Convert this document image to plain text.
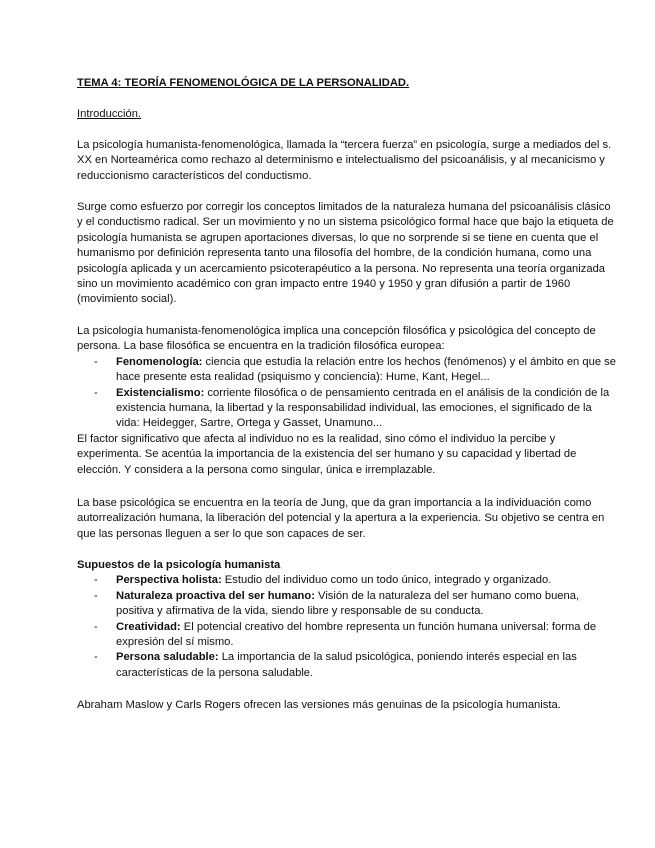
TEMA 4: TEORÍA FENOMENOLÓGICA DE LA PERSONALIDAD.
Introducción.

La psicología humanista-fenomenológica, llamada la “tercera fuerza” en psicología, surge a mediados del s. XX en Norteamérica como rechazo al determinismo e intelectualismo del psicoanálisis, y al mecanicismo y reduccionismo característicos del conductismo.

Surge como esfuerzo por corregir los conceptos limitados de la naturaleza humana del psicoanálisis clásico y el conductismo radical. Ser un movimiento y no un sistema psicológico formal hace que bajo la etiqueta de psicología humanista se agrupen aportaciones diversas, lo que no sorprende si se tiene en cuenta que el humanismo por definición representa tanto una filosofía del hombre, de la condición humana, como una psicología aplicada y un acercamiento psicoterapéutico a la persona. No representa una teoría organizada sino un movimiento académico con gran impacto entre 1940 y 1950 y gran difusión a partir de 1960 (movimiento social).

La psicología humanista-fenomenológica implica una concepción filosófica y psicológica del concepto de persona. La base filosófica se encuentra en la tradición filosófica europea:

- Fenomenología: ciencia que estudia la relación entre los hechos (fenómenos) y el ámbito en que se hace presente esta realidad (psiquismo y conciencia): Hume, Kant, Hegel...
- Existencialismo: corriente filosófica o de pensamiento centrada en el análisis de la condición de la existencia humana, la libertad y la responsabilidad individual, las emociones, el significado de la vida: Heidegger, Sartre, Ortega y Gasset, Unamuno...

El factor significativo que afecta al individuo no es la realidad, sino cómo el individuo la percibe y experimenta. Se acentúa la importancia de la existencia del ser humano y su capacidad y libertad de elección. Y considera a la persona como singular, única e irremplazable.

La base psicológica se encuentra en la teoría de Jung, que da gran importancia a la individuación como autorrealización humana, la liberación del potencial y la apertura a la experiencia. Su objetivo se centra en que las personas lleguen a ser lo que son capaces de ser.

Supuestos de la psicología humanista

- Perspectiva holista: Estudio del individuo como un todo único, integrado y organizado.
- Naturaleza proactiva del ser humano: Visión de la naturaleza del ser humano como buena, positiva y afirmativa de la vida, siendo libre y responsable de su conducta.
- Creatividad: El potencial creativo del hombre representa un función humana universal: forma de expresión del sí mismo.
- Persona saludable: La importancia de la salud psicológica, poniendo interés especial en las características de la persona saludable.

Abraham Maslow y Carls Rogers ofrecen las versiones más genuinas de la psicología humanista.
